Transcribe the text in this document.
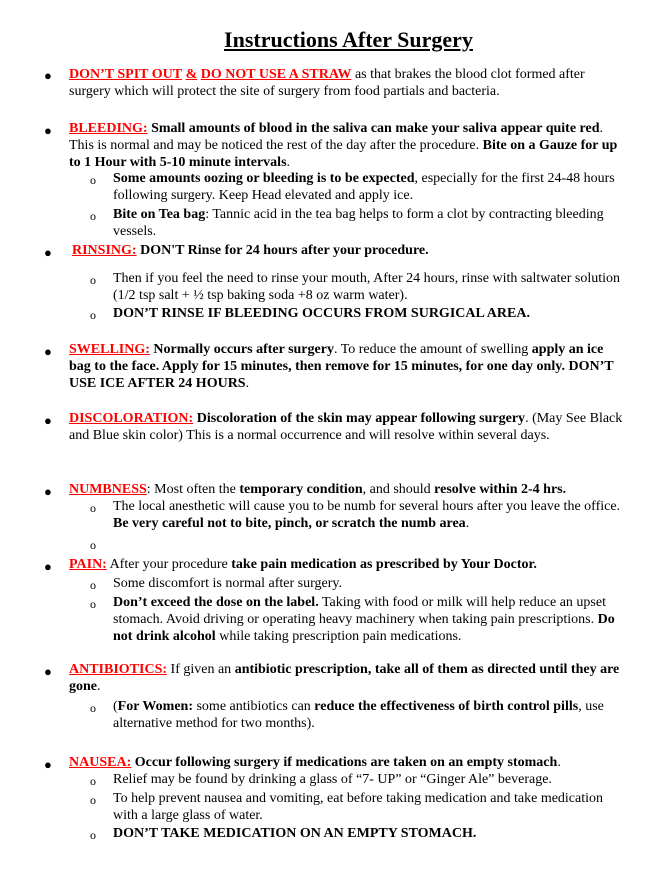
Instructions After Surgery
● DON’T SPIT OUT & DO NOT USE A STRAW as that brakes the blood clot formed after surgery which will protect the site of surgery from food partials and bacteria.
● BLEEDING: Small amounts of blood in the saliva can make your saliva appear quite red. This is normal and may be noticed the rest of the day after the procedure. Bite on a Gauze for up to 1 Hour with 5-10 minute intervals.
o Some amounts oozing or bleeding is to be expected, especially for the first 24-48 hours following surgery. Keep Head elevated and apply ice.
o Bite on Tea bag: Tannic acid in the tea bag helps to form a clot by contracting bleeding vessels.
● RINSING: DON'T Rinse for 24 hours after your procedure.
o Then if you feel the need to rinse your mouth, After 24 hours, rinse with saltwater solution (1/2 tsp salt + ½ tsp baking soda +8 oz warm water).
o DON’T RINSE IF BLEEDING OCCURS FROM SURGICAL AREA.
● SWELLING: Normally occurs after surgery. To reduce the amount of swelling apply an ice bag to the face. Apply for 15 minutes, then remove for 15 minutes, for one day only. DON’T USE ICE AFTER 24 HOURS.
● DISCOLORATION: Discoloration of the skin may appear following surgery. (May See Black and Blue skin color) This is a normal occurrence and will resolve within several days.
● NUMBNESS: Most often the temporary condition, and should resolve within 2-4 hrs.
o The local anesthetic will cause you to be numb for several hours after you leave the office. Be very careful not to bite, pinch, or scratch the numb area.
o
● PAIN: After your procedure take pain medication as prescribed by Your Doctor.
o Some discomfort is normal after surgery.
o Don’t exceed the dose on the label. Taking with food or milk will help reduce an upset stomach. Avoid driving or operating heavy machinery when taking pain prescriptions. Do not drink alcohol while taking prescription pain medications.
● ANTIBIOTICS: If given an antibiotic prescription, take all of them as directed until they are gone.
o (For Women: some antibiotics can reduce the effectiveness of birth control pills, use alternative method for two months).
● NAUSEA: Occur following surgery if medications are taken on an empty stomach.
o Relief may be found by drinking a glass of “7- UP” or “Ginger Ale” beverage.
o To help prevent nausea and vomiting, eat before taking medication and take medication with a large glass of water.
o DON’T TAKE MEDICATION ON AN EMPTY STOMACH.
